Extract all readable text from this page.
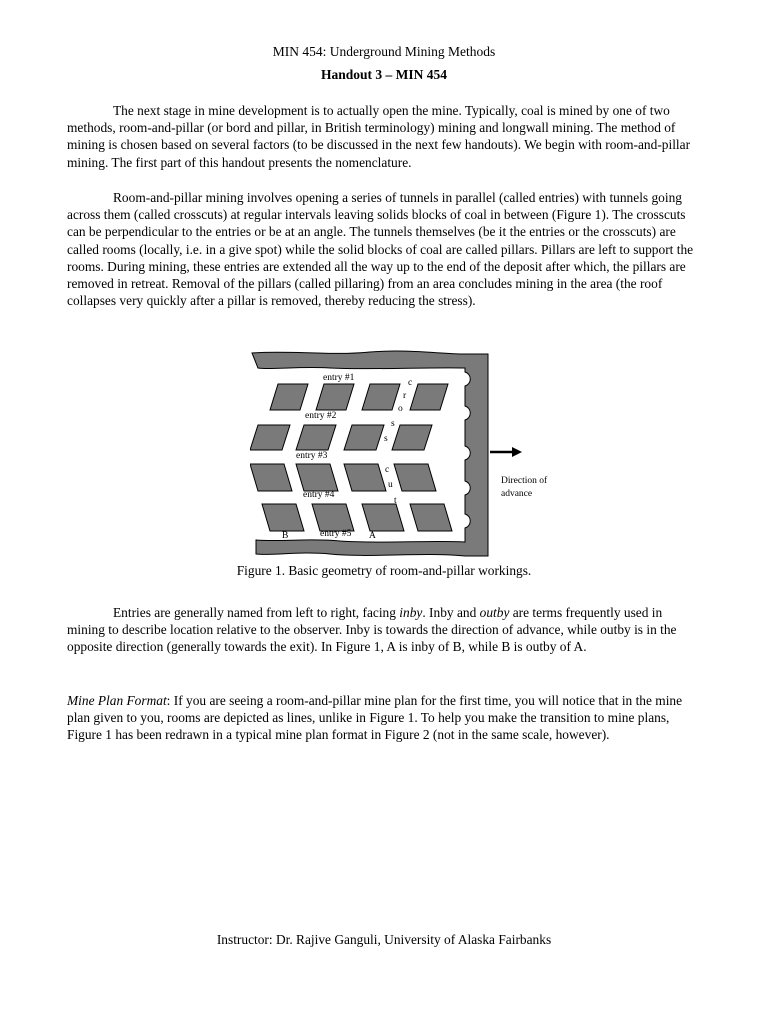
MIN 454: Underground Mining Methods
Handout 3 – MIN 454

The next stage in mine development is to actually open the mine. Typically, coal is mined by one of two methods, room-and-pillar (or bord and pillar, in British terminology) mining and longwall mining. The method of mining is chosen based on several factors (to be discussed in the next few handouts). We begin with room-and-pillar mining. The first part of this handout presents the nomenclature.

Room-and-pillar mining involves opening a series of tunnels in parallel (called entries) with tunnels going across them (called crosscuts) at regular intervals leaving solids blocks of coal in between (Figure 1). The crosscuts can be perpendicular to the entries or be at an angle. The tunnels themselves (be it the entries or the crosscuts) are called rooms (locally, i.e. in a give spot) while the solid blocks of coal are called pillars. Pillars are left to support the rooms. During mining, these entries are extended all the way up to the end of the deposit after which, the pillars are removed in retreat. Removal of the pillars (called pillaring) from an area concludes mining in the area (the roof collapses very quickly after a pillar is removed, thereby reducing the stress).

entry #1
entry #2
entry #3
entry #4
entry #5
c
r
o
s
s
c
u
t
B	A
Direction of
advance
Figure 1. Basic geometry of room-and-pillar workings.

Entries are generally named from left to right, facing inby. Inby and outby are terms frequently used in mining to describe location relative to the observer. Inby is towards the direction of advance, while outby is in the opposite direction (generally towards the exit). In Figure 1, A is inby of B, while B is outby of A.

Mine Plan Format: If you are seeing a room-and-pillar mine plan for the first time, you will notice that in the mine plan given to you, rooms are depicted as lines, unlike in Figure 1. To help you make the transition to mine plans, Figure 1 has been redrawn in a typical mine plan format in Figure 2 (not in the same scale, however).

Instructor: Dr. Rajive Ganguli, University of Alaska Fairbanks
